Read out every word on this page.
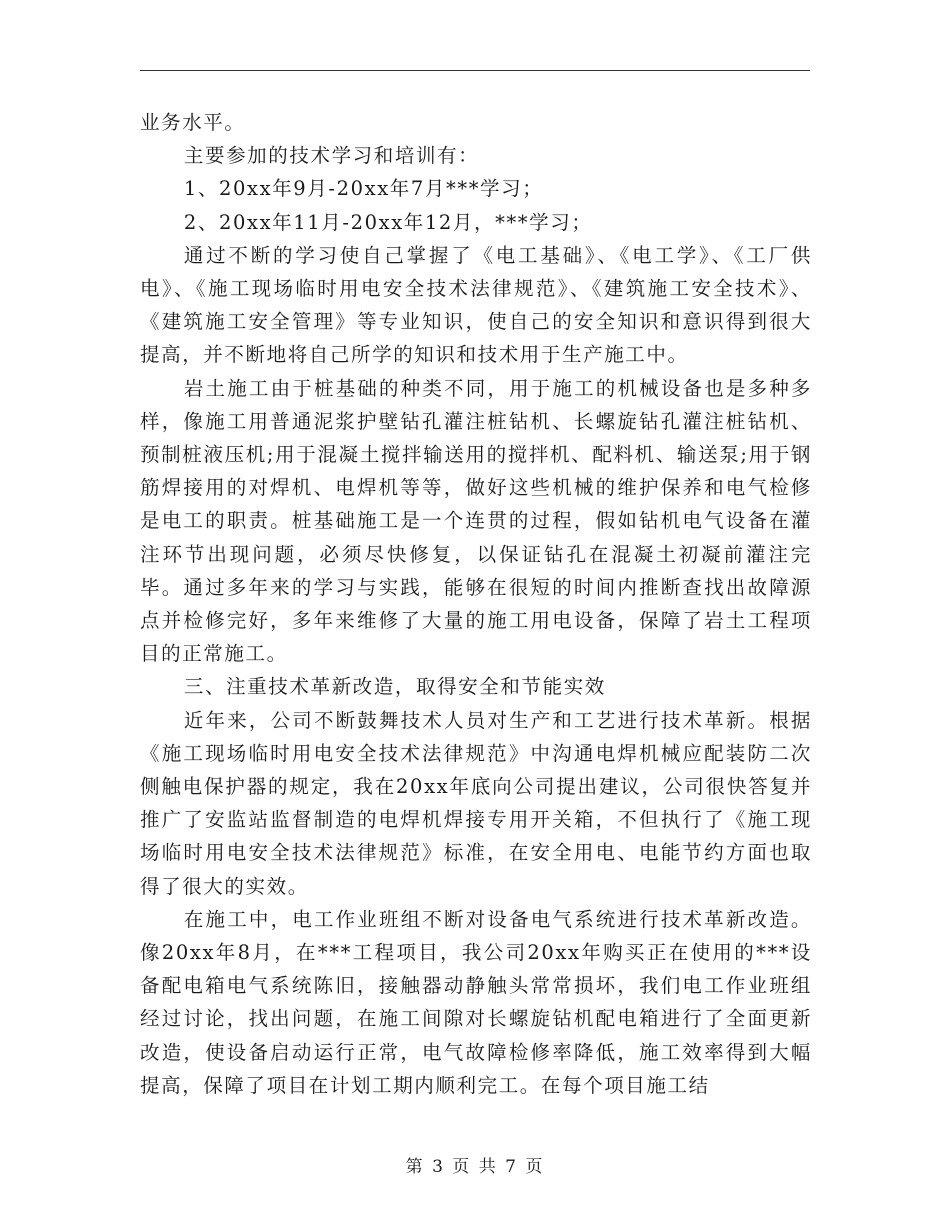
业务水平。

主要参加的技术学习和培训有：

1、20xx年9月-20xx年7月***学习；

2、20xx年11月-20xx年12月，***学习；

通过不断的学习使自己掌握了《电工基础》、《电工学》、《工厂供电》、《施工现场临时用电安全技术法律规范》、《建筑施工安全技术》、《建筑施工安全管理》等专业知识，使自己的安全知识和意识得到很大提高，并不断地将自己所学的知识和技术用于生产施工中。

岩土施工由于桩基础的种类不同，用于施工的机械设备也是多种多样，像施工用普通泥浆护壁钻孔灌注桩钻机、长螺旋钻孔灌注桩钻机、预制桩液压机;用于混凝土搅拌输送用的搅拌机、配料机、输送泵;用于钢筋焊接用的对焊机、电焊机等等，做好这些机械的维护保养和电气检修是电工的职责。桩基础施工是一个连贯的过程，假如钻机电气设备在灌注环节出现问题，必须尽快修复，以保证钻孔在混凝土初凝前灌注完毕。通过多年来的学习与实践，能够在很短的时间内推断查找出故障源点并检修完好，多年来维修了大量的施工用电设备，保障了岩土工程项目的正常施工。

三、注重技术革新改造，取得安全和节能实效

近年来，公司不断鼓舞技术人员对生产和工艺进行技术革新。根据《施工现场临时用电安全技术法律规范》中沟通电焊机械应配装防二次侧触电保护器的规定，我在20xx年底向公司提出建议，公司很快答复并推广了安监站监督制造的电焊机焊接专用开关箱，不但执行了《施工现场临时用电安全技术法律规范》标准，在安全用电、电能节约方面也取得了很大的实效。

在施工中，电工作业班组不断对设备电气系统进行技术革新改造。像20xx年8月，在***工程项目，我公司20xx年购买正在使用的***设备配电箱电气系统陈旧，接触器动静触头常常损坏，我们电工作业班组经过讨论，找出问题，在施工间隙对长螺旋钻机配电箱进行了全面更新改造，使设备启动运行正常，电气故障检修率降低，施工效率得到大幅提高，保障了项目在计划工期内顺利完工。在每个项目施工结

第 3 页 共 7 页
